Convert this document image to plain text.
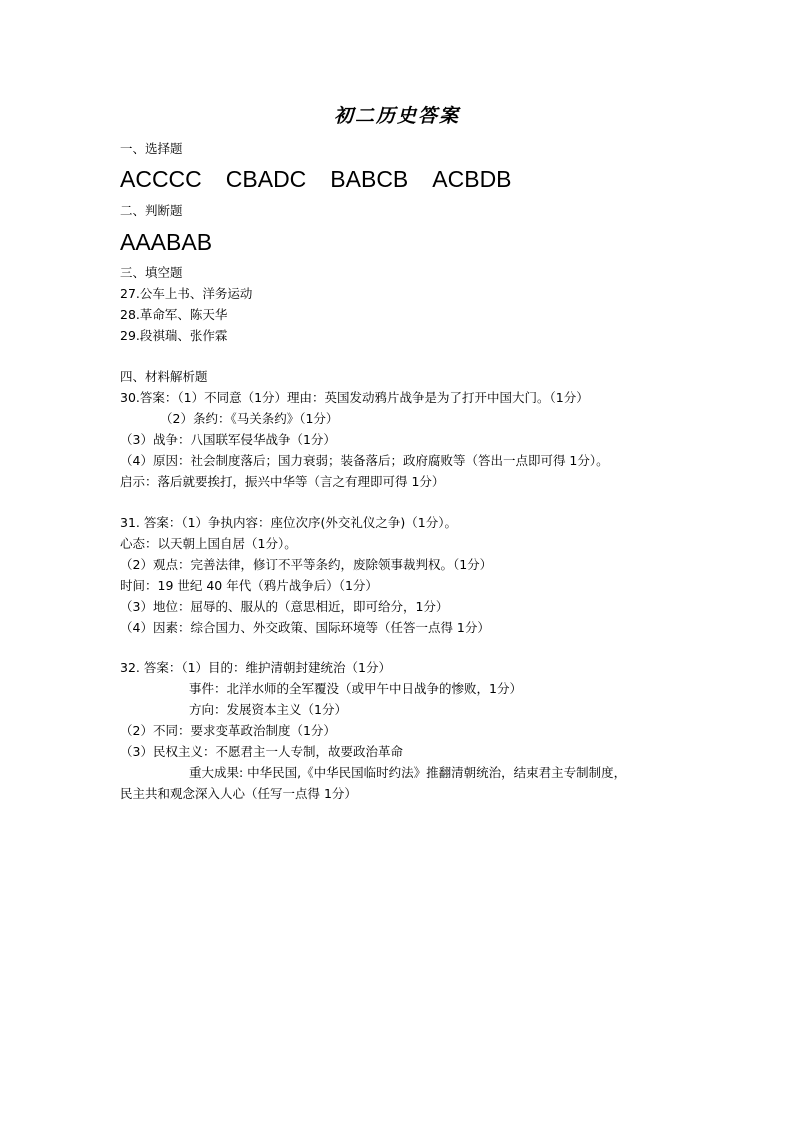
初二历史答案
一、选择题
ACCCC CBADC BABCB ACBDB
二、判断题
AAABAB
三、填空题
27.公车上书、洋务运动
28.革命军、陈天华
29.段祺瑞、张作霖
四、材料解析题
30.答案：（1）不同意（1分）理由：英国发动鸦片战争是为了打开中国大门。（1分）
（2）条约：《马关条约》（1分）
（3）战争：八国联军侵华战争（1分）
（4）原因：社会制度落后；国力衰弱；装备落后；政府腐败等（答出一点即可得 1分）。
启示：落后就要挨打，振兴中华等（言之有理即可得 1分）
31. 答案：（1）争执内容：座位次序(外交礼仪之争)（1分）。
心态：以天朝上国自居（1分）。
（2）观点：完善法律，修订不平等条约，废除领事裁判权。（1分）
时间：19 世纪 40 年代（鸦片战争后）（1分）
（3）地位：屈辱的、服从的（意思相近，即可给分，1分）
（4）因素：综合国力、外交政策、国际环境等（任答一点得 1分）
32. 答案：（1）目的：维护清朝封建统治（1分）
事件：北洋水师的全军覆没（或甲午中日战争的惨败，1分）
方向：发展资本主义（1分）
（2）不同：要求变革政治制度（1分）
（3）民权主义：不愿君主一人专制，故要政治革命
重大成果: 中华民国,《中华民国临时约法》推翻清朝统治，结束君主专制制度，
民主共和观念深入人心（任写一点得 1分）
